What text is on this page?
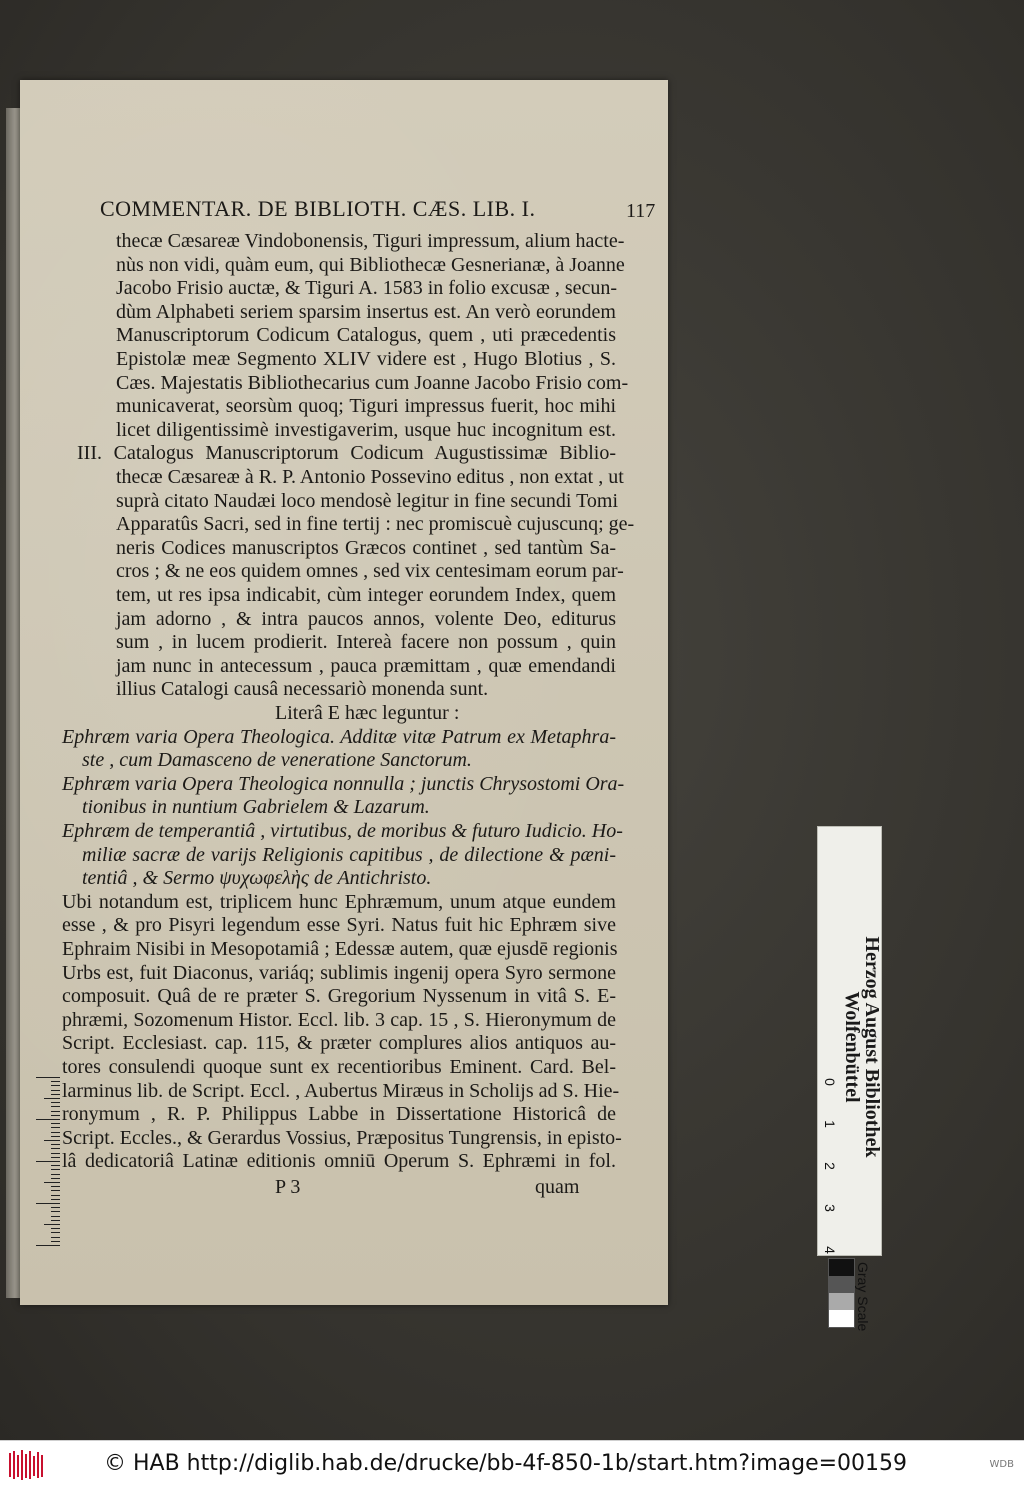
COMMENTAR. DE BIBLIOTH. CÆS. LIB. I.	117
thecæ Cæsareæ Vindobonensis, Tiguri impressum, alium hacte-
nùs non vidi, quàm eum, qui Bibliothecæ Gesnerianæ, à Joanne
Jacobo Frisio auctæ, & Tiguri A. 1583 in folio excusæ , secun-
dùm Alphabeti seriem sparsim insertus est. An verò eorundem
Manuscriptorum Codicum Catalogus, quem , uti præcedentis
Epistolæ meæ Segmento XLIV videre est , Hugo Blotius , S.
Cæs. Majestatis Bibliothecarius cum Joanne Jacobo Frisio com-
municaverat, seorsùm quoq; Tiguri impressus fuerit, hoc mihi
licet diligentissimè investigaverim, usque huc incognitum est.
III. Catalogus Manuscriptorum Codicum Augustissimæ Biblio-
thecæ Cæsareæ à R. P. Antonio Possevino editus , non extat , ut
suprà citato Naudæi loco mendosè legitur in fine secundi Tomi
Apparatûs Sacri, sed in fine tertij : nec promiscuè cujuscunq; ge-
neris Codices manuscriptos Græcos continet , sed tantùm Sa-
cros ; & ne eos quidem omnes , sed vix centesimam eorum par-
tem, ut res ipsa indicabit, cùm integer eorundem Index, quem
jam adorno , & intra paucos annos, volente Deo, editurus
sum , in lucem prodierit. Intereà facere non possum , quin
jam nunc in antecessum , pauca præmittam , quæ emendandi
illius Catalogi causâ necessariò monenda sunt.
Literâ E hæc leguntur :
Ephræm varia Opera Theologica. Additæ vitæ Patrum ex Metaphra-
ste , cum Damasceno de veneratione Sanctorum.
Ephræm varia Opera Theologica nonnulla ; junctis Chrysostomi Ora-
tionibus in nuntium Gabrielem & Lazarum.
Ephræm de temperantiâ , virtutibus, de moribus & futuro Iudicio. Ho-
miliæ sacræ de varijs Religionis capitibus , de dilectione & pæni-
tentiâ , & Sermo ψυχωφελὴς de Antichristo.
Ubi notandum est, triplicem hunc Ephræmum, unum atque eundem
esse , & pro Pisyri legendum esse Syri. Natus fuit hic Ephræm sive
Ephraim Nisibi in Mesopotamiâ ; Edessæ autem, quæ ejusdē regionis
Urbs est, fuit Diaconus, variáq; sublimis ingenij opera Syro sermone
composuit. Quâ de re præter S. Gregorium Nyssenum in vitâ S. E-
phræmi, Sozomenum Histor. Eccl. lib. 3 cap. 15 , S. Hieronymum de
Script. Ecclesiast. cap. 115, & præter complures alios antiquos au-
tores consulendi quoque sunt ex recentioribus Eminent. Card. Bel-
larminus lib. de Script. Eccl. , Aubertus Miræus in Scholijs ad S. Hie-
ronymum , R. P. Philippus Labbe in Dissertatione Historicâ de
Script. Eccles., & Gerardus Vossius, Præpositus Tungrensis, in episto-
lâ dedicatoriâ Latinæ editionis omniū Operum S. Ephræmi in fol.
P 3	quam
Herzog August Bibliothek
Wolfenbüttel
Gray Scale
0
1
2
3
4
© HAB http://diglib.hab.de/drucke/bb-4f-850-1b/start.htm?image=00159	WDB
